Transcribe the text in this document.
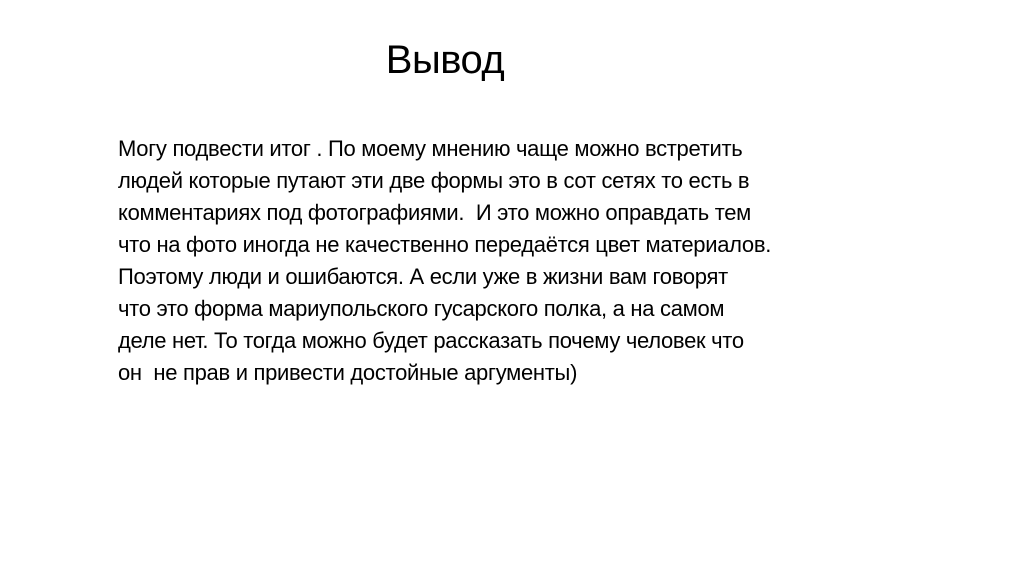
Вывод
Могу подвести итог . По моему мнению чаще можно встретить
людей которые путают эти две формы это в сот сетях то есть в
комментариях под фотографиями.  И это можно оправдать тем
что на фото иногда не качественно передаётся цвет материалов.
Поэтому люди и ошибаются. А если уже в жизни вам говорят
что это форма мариупольского гусарского полка, а на самом
деле нет. То тогда можно будет рассказать почему человек что
он  не прав и привести достойные аргументы)
